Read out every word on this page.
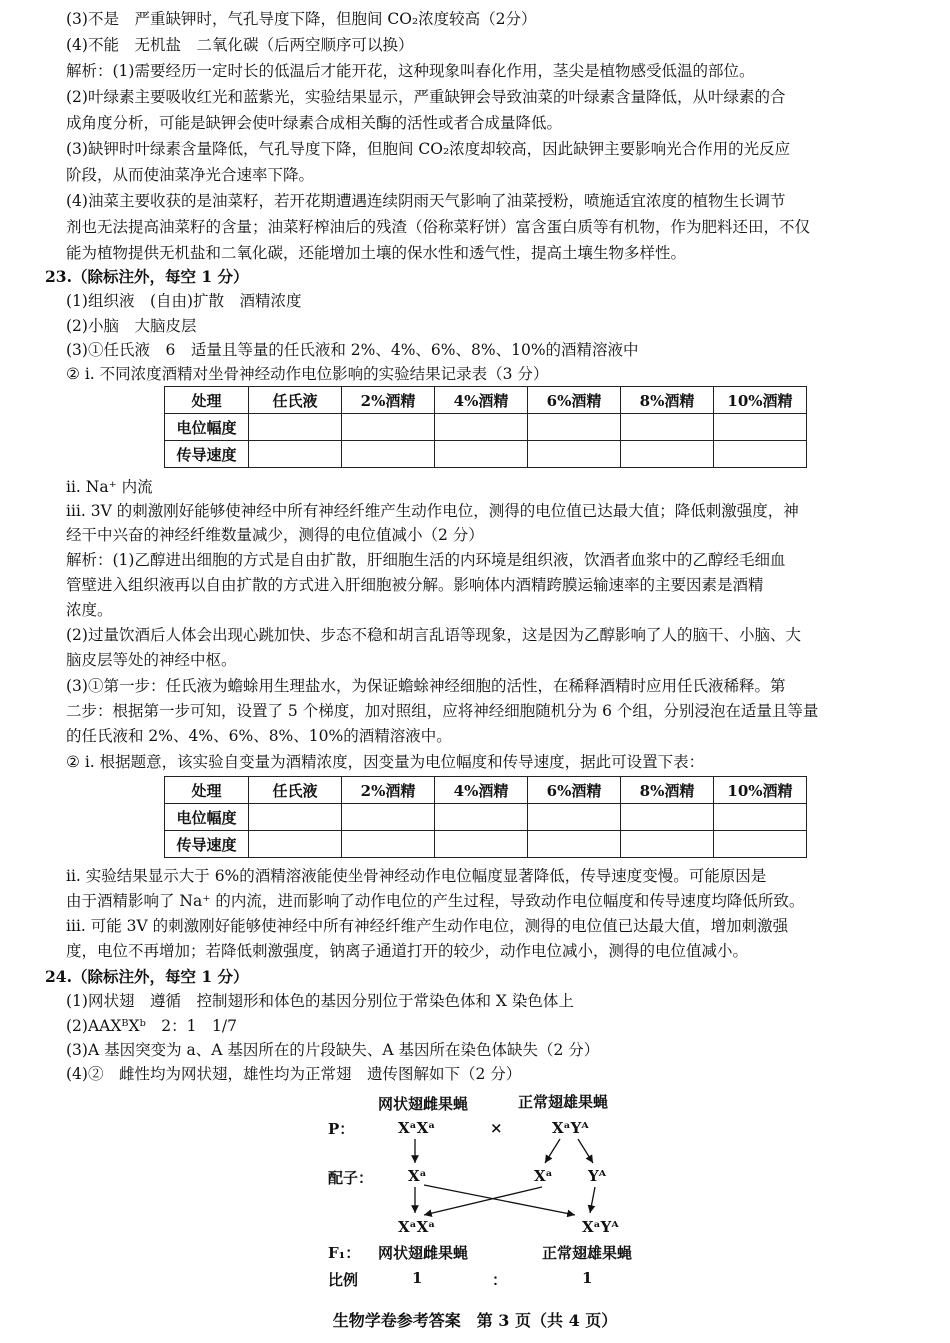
(3)不是　严重缺钾时，气孔导度下降，但胞间 CO₂浓度较高（2分）
(4)不能　无机盐　二氧化碳（后两空顺序可以换）
解析：(1)需要经历一定时长的低温后才能开花，这种现象叫春化作用，茎尖是植物感受低温的部位。
(2)叶绿素主要吸收红光和蓝紫光，实验结果显示，严重缺钾会导致油菜的叶绿素含量降低，从叶绿素的合
成角度分析，可能是缺钾会使叶绿素合成相关酶的活性或者合成量降低。
(3)缺钾时叶绿素含量降低，气孔导度下降，但胞间 CO₂浓度却较高，因此缺钾主要影响光合作用的光反应
阶段，从而使油菜净光合速率下降。
(4)油菜主要收获的是油菜籽，若开花期遭遇连续阴雨天气影响了油菜授粉，喷施适宜浓度的植物生长调节
剂也无法提高油菜籽的含量；油菜籽榨油后的残渣（俗称菜籽饼）富含蛋白质等有机物，作为肥料还田，不仅
能为植物提供无机盐和二氧化碳，还能增加土壤的保水性和透气性，提高土壤生物多样性。
23.（除标注外，每空 1 分）
(1)组织液　(自由)扩散　酒精浓度
(2)小脑　大脑皮层
(3)①任氏液　6　适量且等量的任氏液和 2%、4%、6%、8%、10%的酒精溶液中
② ⅰ. 不同浓度酒精对坐骨神经动作电位影响的实验结果记录表（3 分）
处理	任氏液	2%酒精	4%酒精	6%酒精	8%酒精	10%酒精
电位幅度						
传导速度						
ⅱ. Na⁺ 内流
ⅲ. 3V 的刺激刚好能够使神经中所有神经纤维产生动作电位，测得的电位值已达最大值；降低刺激强度，神
经干中兴奋的神经纤维数量减少，测得的电位值减小（2 分）
解析：(1)乙醇进出细胞的方式是自由扩散，肝细胞生活的内环境是组织液，饮酒者血浆中的乙醇经毛细血
管壁进入组织液再以自由扩散的方式进入肝细胞被分解。影响体内酒精跨膜运输速率的主要因素是酒精
浓度。
(2)过量饮酒后人体会出现心跳加快、步态不稳和胡言乱语等现象，这是因为乙醇影响了人的脑干、小脑、大
脑皮层等处的神经中枢。
(3)①第一步：任氏液为蟾蜍用生理盐水，为保证蟾蜍神经细胞的活性，在稀释酒精时应用任氏液稀释。第
二步：根据第一步可知，设置了 5 个梯度，加对照组，应将神经细胞随机分为 6 个组，分别浸泡在适量且等量
的任氏液和 2%、4%、6%、8%、10%的酒精溶液中。
② ⅰ. 根据题意，该实验自变量为酒精浓度，因变量为电位幅度和传导速度，据此可设置下表：
处理	任氏液	2%酒精	4%酒精	6%酒精	8%酒精	10%酒精
电位幅度						
传导速度						
ⅱ. 实验结果显示大于 6%的酒精溶液能使坐骨神经动作电位幅度显著降低，传导速度变慢。可能原因是
由于酒精影响了 Na⁺ 的内流，进而影响了动作电位的产生过程，导致动作电位幅度和传导速度均降低所致。
ⅲ. 可能 3V 的刺激刚好能够使神经中所有神经纤维产生动作电位，测得的电位值已达最大值，增加刺激强
度，电位不再增加；若降低刺激强度，钠离子通道打开的较少，动作电位减小，测得的电位值减小。
24.（除标注外，每空 1 分）
(1)网状翅　遵循　控制翅形和体色的基因分别位于常染色体和 X 染色体上
(2)AAXᴮXᵇ　2：1　1/7
(3)A 基因突变为 a、A 基因所在的片段缺失、A 基因所在染色体缺失（2 分）
(4)②　雌性均为网状翅，雄性均为正常翅　遗传图解如下（2 分）
网状翅雌果蝇	正常翅雄果蝇
P：	XᵃXᵃ	×	XᵃYᴬ
配子： Xᵃ	Xᵃ Yᴬ
XᵃXᵃ	XᵃYᴬ
F₁： 网状翅雌果蝇	正常翅雄果蝇
比例	1	：	1
生物学卷参考答案　第 3 页（共 4 页）
